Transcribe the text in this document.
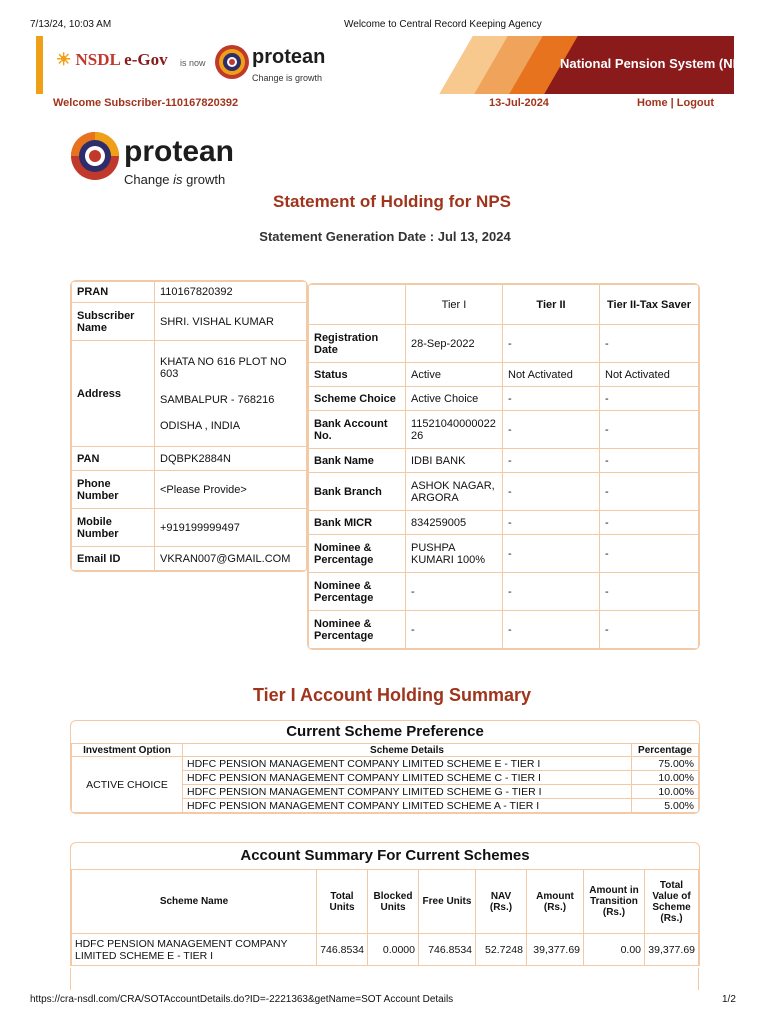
7/13/24, 10:03 AM	Welcome to Central Record Keeping Agency
☀ NSDL e-Gov is now protean
Change is growth
National Pension System (NPS)
Welcome Subscriber-110167820392	13-Jul-2024	Home | Logout
protean
Change is growth
Statement of Holding for NPS
Statement Generation Date : Jul 13, 2024
PRAN	110167820392
Subscriber Name	SHRI. VISHAL KUMAR
Address	KHATA NO 616 PLOT NO 603
SAMBALPUR - 768216
ODISHA , INDIA

PAN	DQBPK2884N
Phone Number	<Please Provide>
Mobile Number	+919199999497
Email ID	VKRAN007@GMAIL.COM
	Tier I	Tier II	Tier II-Tax Saver
Registration Date	28-Sep-2022	-	-
Status	Active	Not Activated	Not Activated
Scheme Choice	Active Choice	-	-
Bank Account No.	1152104000002226	-	-
Bank Name	IDBI BANK	-	-
Bank Branch	ASHOK NAGAR, ARGORA	-	-
Bank MICR	834259005	-	-
Nominee & Percentage	PUSHPA KUMARI 100%	-	-
Nominee & Percentage	-	-	-
Nominee & Percentage	-	-	-
Tier I Account Holding Summary
Current Scheme Preference
Investment Option	Scheme Details	Percentage
ACTIVE CHOICE	HDFC PENSION MANAGEMENT COMPANY LIMITED SCHEME E - TIER I	75.00%
	HDFC PENSION MANAGEMENT COMPANY LIMITED SCHEME C - TIER I	10.00%
	HDFC PENSION MANAGEMENT COMPANY LIMITED SCHEME G - TIER I	10.00%
	HDFC PENSION MANAGEMENT COMPANY LIMITED SCHEME A - TIER I	5.00%
Account Summary For Current Schemes
Scheme Name	Total Units	Blocked Units	Free Units	NAV (Rs.)	Amount (Rs.)	Amount in Transition (Rs.)	Total Value of Scheme (Rs.)
HDFC PENSION MANAGEMENT COMPANY LIMITED SCHEME E - TIER I	746.8534	0.0000	746.8534	52.7248	39,377.69	0.00	39,377.69
https://cra-nsdl.com/CRA/SOTAccountDetails.do?ID=-2221363&getName=SOT Account Details	1/2
